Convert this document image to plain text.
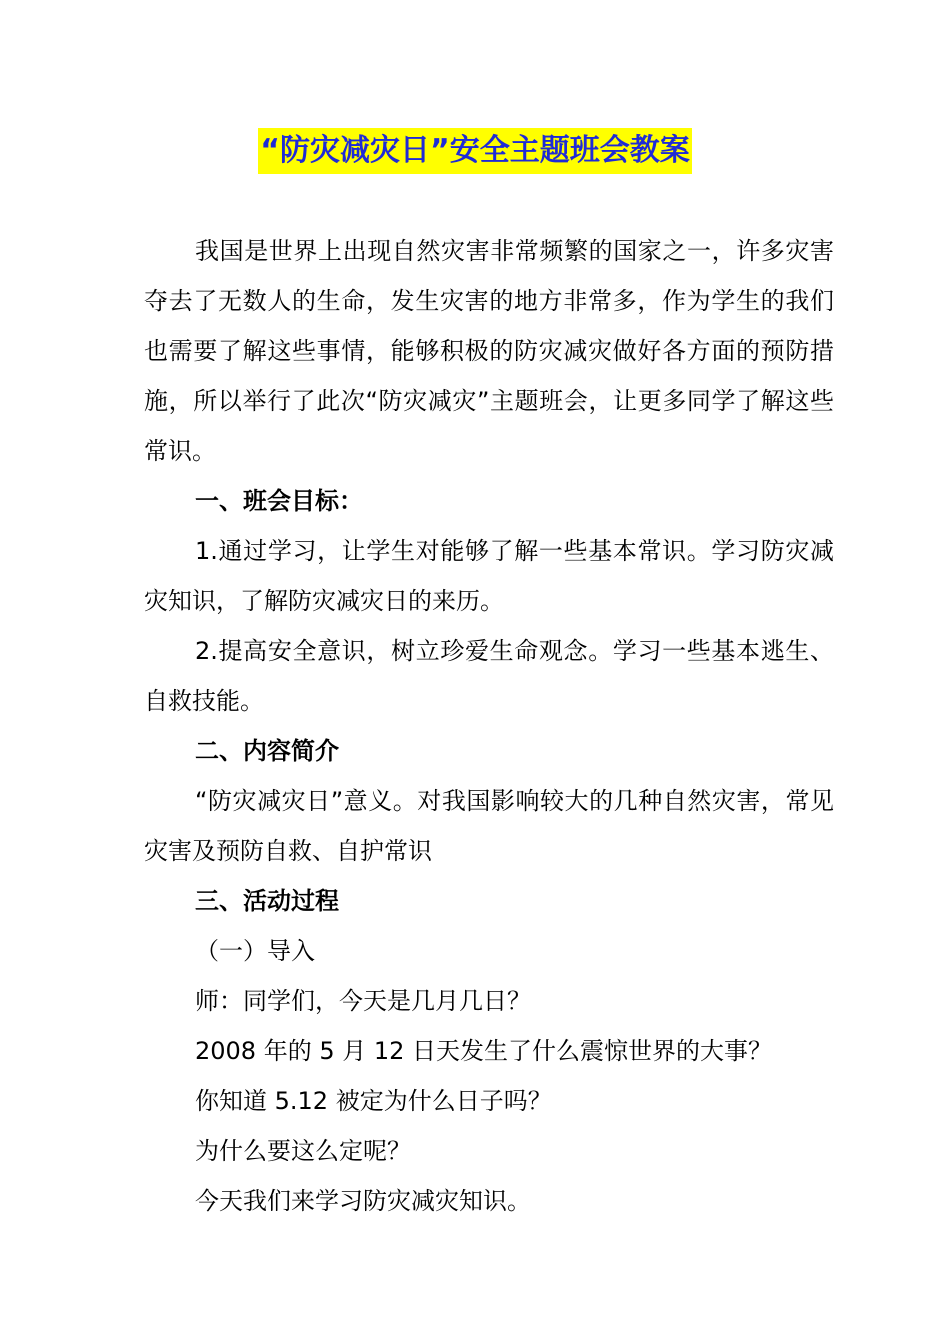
“防灾减灾日”安全主题班会教案

我国是世界上出现自然灾害非常频繁的国家之一，许多灾害夺去了无数人的生命，发生灾害的地方非常多，作为学生的我们也需要了解这些事情，能够积极的防灾减灾做好各方面的预防措施，所以举行了此次“防灾减灾”主题班会，让更多同学了解这些常识。

一、班会目标：

1.通过学习，让学生对能够了解一些基本常识。学习防灾减灾知识，了解防灾减灾日的来历。

2.提高安全意识，树立珍爱生命观念。学习一些基本逃生、自救技能。

二、内容简介

“防灾减灾日”意义。对我国影响较大的几种自然灾害，常见灾害及预防自救、自护常识

三、活动过程

（一）导入

师：同学们，今天是几月几日？

2008 年的 5 月 12 日天发生了什么震惊世界的大事？

你知道 5.12 被定为什么日子吗？

为什么要这么定呢？

今天我们来学习防灾减灾知识。
